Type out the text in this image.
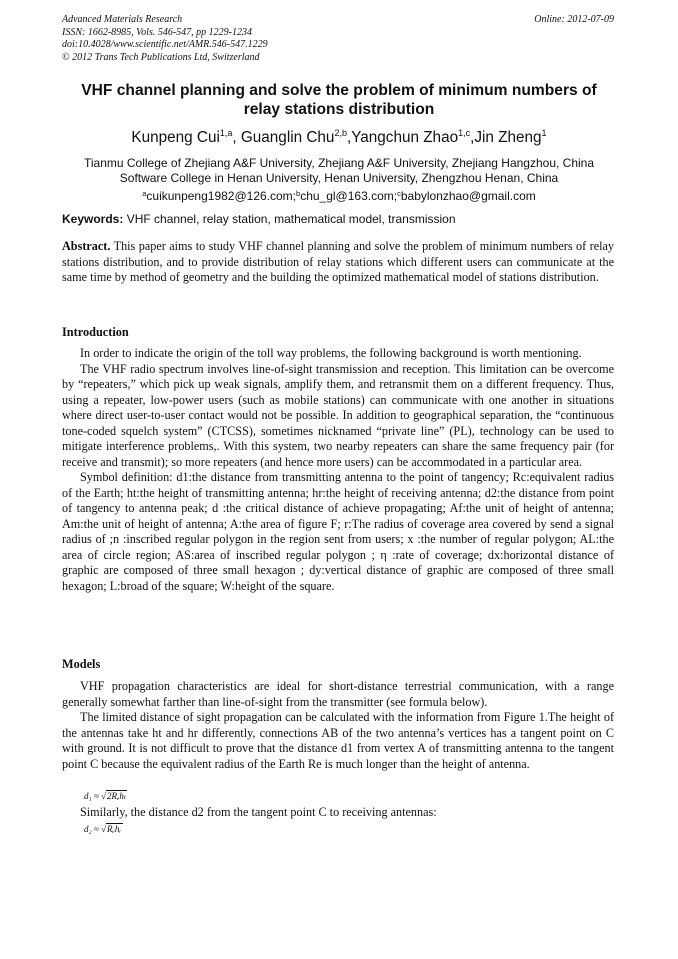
Advanced Materials Research
ISSN: 1662-8985, Vols. 546-547, pp 1229-1234
doi:10.4028/www.scientific.net/AMR.546-547.1229
© 2012 Trans Tech Publications Ltd, Switzerland
Online: 2012-07-09
VHF channel planning and solve the problem of minimum numbers of
relay stations distribution
Kunpeng Cui$^{1,a}$, Guanglin Chu$^{2,b}$,Yangchun Zhao$^{1,c}$,Jin Zheng$^1$
Tianmu College of Zhejiang A&F University, Zhejiang A&F University, Zhejiang Hangzhou, China
Software College in Henan University, Henan University, Zhengzhou Henan, China
$^a$cuikunpeng1982@126.com;$^b$chu_gl@163.com;$^c$babylonzhao@gmail.com
Keywords: VHF channel, relay station, mathematical model, transmission

Abstract. This paper aims to study VHF channel planning and solve the problem of minimum numbers of relay stations distribution, and to provide distribution of relay stations which different users can communicate at the same time by method of geometry and the building the optimized mathematical model of stations distribution.

Introduction

In order to indicate the origin of the toll way problems, the following background is worth mentioning.

The VHF radio spectrum involves line-of-sight transmission and reception. This limitation can be overcome by “repeaters,” which pick up weak signals, amplify them, and retransmit them on a different frequency. Thus, using a repeater, low-power users (such as mobile stations) can communicate with one another in situations where direct user-to-user contact would not be possible. In addition to geographical separation, the “continuous tone-coded squelch system” (CTCSS), sometimes nicknamed “private line” (PL), technology can be used to mitigate interference problems,. With this system, two nearby repeaters can share the same frequency pair (for receive and transmit); so more repeaters (and hence more users) can be accommodated in a particular area.

Symbol definition: d1:the distance from transmitting antenna to the point of tangency; Rc:equivalent radius of the Earth; ht:the height of transmitting antenna; hr:the height of receiving antenna; d2:the distance from point of tangency to antenna peak; d :the critical distance of achieve propagating; Af:the unit of height of antenna; Am:the unit of height of antenna; A:the area of figure F; r:The radius of coverage area covered by send a signal radius of ;n :inscribed regular polygon in the region sent from users; x :the number of regular polygon; AL:the area of circle region; AS:area of inscribed regular polygon ; η :rate of coverage; dx:horizontal distance of graphic are composed of three small hexagon ; dy:vertical distance of graphic are composed of three small hexagon; L:broad of the square; W:height of the square.

Models

VHF propagation characteristics are ideal for short-distance terrestrial communication, with a range generally somewhat farther than line-of-sight from the transmitter (see formula below).

The limited distance of sight propagation can be calculated with the information from Figure 1.The height of the antennas take ht and hr differently, connections AB of the two antenna’s vertices has a tangent point on C with ground. It is not difficult to prove that the distance d1 from vertex A of transmitting antenna to the tangent point C because the equivalent radius of the Earth Re is much longer than the height of antenna.

d₁ ≈ √2Rₑhₜ

Similarly, the distance d2 from the tangent point C to receiving antennas:

d₂ ≈ √Rₑhᵣ
